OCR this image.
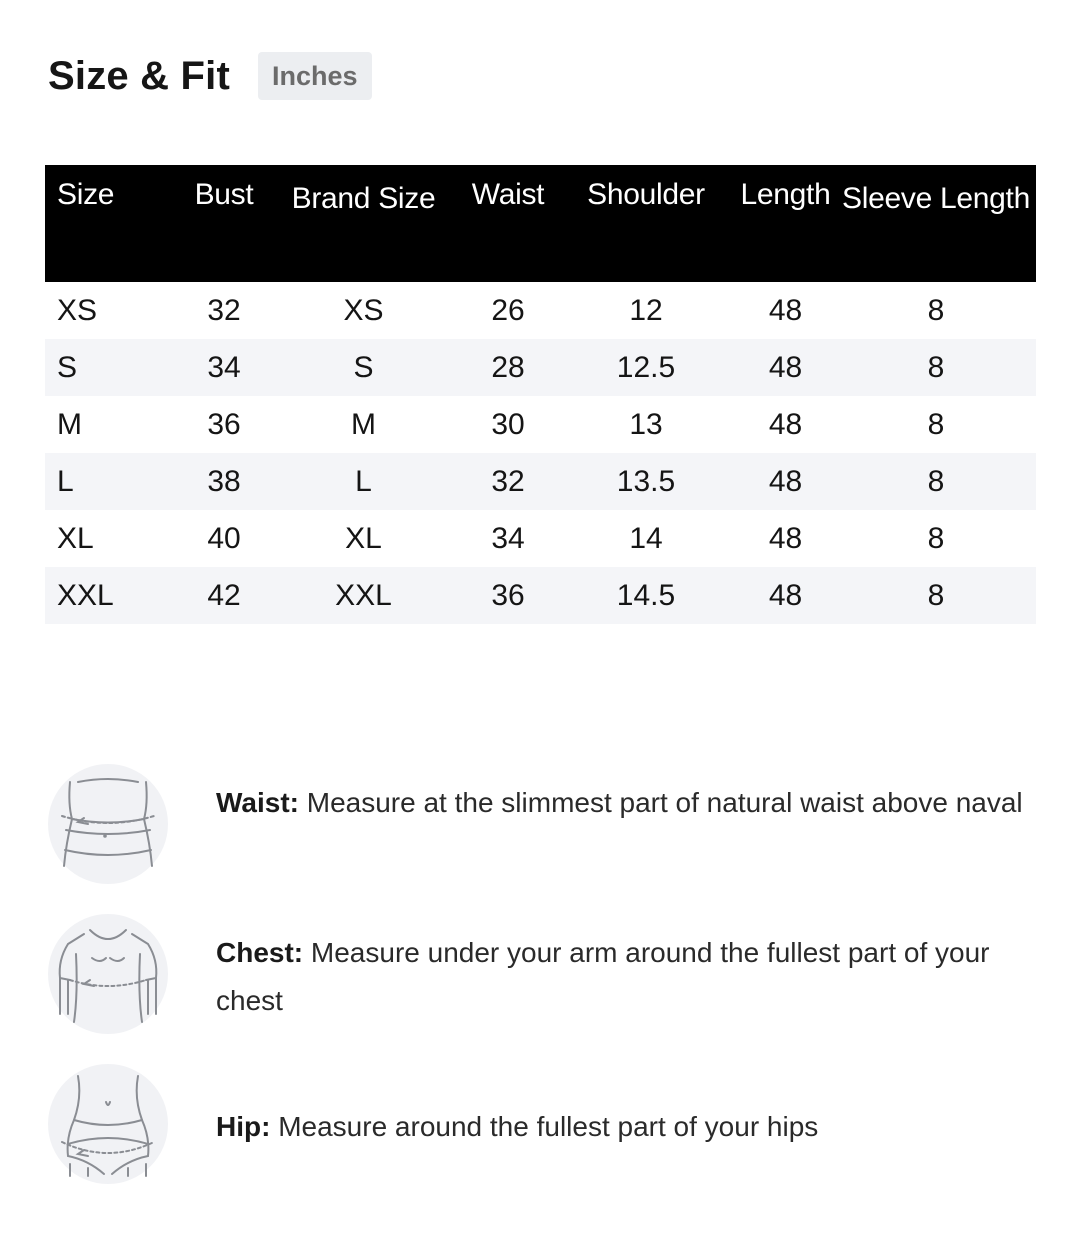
Size & Fit	Inches
Size	Bust	Brand Size	Waist	Shoulder	Length	Sleeve Length
XS	32	XS	26	12	48	8
S	34	S	28	12.5	48	8
M	36	M	30	13	48	8
L	38	L	32	13.5	48	8
XL	40	XL	34	14	48	8
XXL	42	XXL	36	14.5	48	8
Waist: Measure at the slimmest part of natural waist above naval
Chest: Measure under your arm around the fullest part of your chest
Hip: Measure around the fullest part of your hips
